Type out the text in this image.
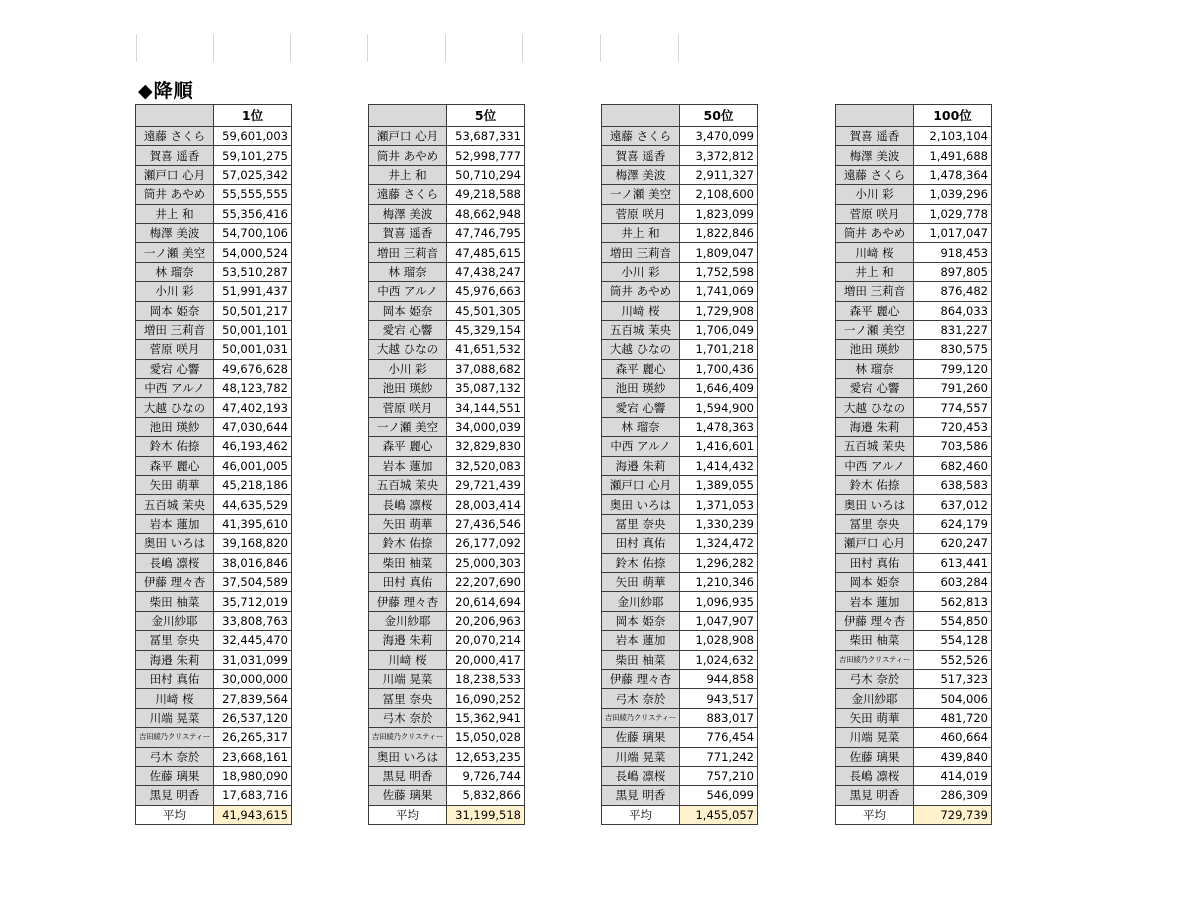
◆降順
	1位
遠藤 さくら	59,601,003
賀喜 遥香	59,101,275
瀬戸口 心月	57,025,342
筒井 あやめ	55,555,555
井上 和	55,356,416
梅澤 美波	54,700,106
一ノ瀬 美空	54,000,524
林 瑠奈	53,510,287
小川 彩	51,991,437
岡本 姫奈	50,501,217
増田 三莉音	50,001,101
菅原 咲月	50,001,031
愛宕 心響	49,676,628
中西 アルノ	48,123,782
大越 ひなの	47,402,193
池田 瑛紗	47,030,644
鈴木 佑捺	46,193,462
森平 麗心	46,001,005
矢田 萌華	45,218,186
五百城 茉央	44,635,529
岩本 蓮加	41,395,610
奥田 いろは	39,168,820
長嶋 凛桜	38,016,846
伊藤 理々杏	37,504,589
柴田 柚菜	35,712,019
金川紗耶	33,808,763
冨里 奈央	32,445,470
海邉 朱莉	31,031,099
田村 真佑	30,000,000
川﨑 桜	27,839,564
川端 晃菜	26,537,120
吉田綾乃クリスティー	26,265,317
弓木 奈於	23,668,161
佐藤 璃果	18,980,090
黒見 明香	17,683,716
平均	41,943,615
	5位
瀬戸口 心月	53,687,331
筒井 あやめ	52,998,777
井上 和	50,710,294
遠藤 さくら	49,218,588
梅澤 美波	48,662,948
賀喜 遥香	47,746,795
増田 三莉音	47,485,615
林 瑠奈	47,438,247
中西 アルノ	45,976,663
岡本 姫奈	45,501,305
愛宕 心響	45,329,154
大越 ひなの	41,651,532
小川 彩	37,088,682
池田 瑛紗	35,087,132
菅原 咲月	34,144,551
一ノ瀬 美空	34,000,039
森平 麗心	32,829,830
岩本 蓮加	32,520,083
五百城 茉央	29,721,439
長嶋 凛桜	28,003,414
矢田 萌華	27,436,546
鈴木 佑捺	26,177,092
柴田 柚菜	25,000,303
田村 真佑	22,207,690
伊藤 理々杏	20,614,694
金川紗耶	20,206,963
海邉 朱莉	20,070,214
川﨑 桜	20,000,417
川端 晃菜	18,238,533
冨里 奈央	16,090,252
弓木 奈於	15,362,941
吉田綾乃クリスティー	15,050,028
奥田 いろは	12,653,235
黒見 明香	9,726,744
佐藤 璃果	5,832,866
平均	31,199,518
	50位
遠藤 さくら	3,470,099
賀喜 遥香	3,372,812
梅澤 美波	2,911,327
一ノ瀬 美空	2,108,600
菅原 咲月	1,823,099
井上 和	1,822,846
増田 三莉音	1,809,047
小川 彩	1,752,598
筒井 あやめ	1,741,069
川﨑 桜	1,729,908
五百城 茉央	1,706,049
大越 ひなの	1,701,218
森平 麗心	1,700,436
池田 瑛紗	1,646,409
愛宕 心響	1,594,900
林 瑠奈	1,478,363
中西 アルノ	1,416,601
海邉 朱莉	1,414,432
瀬戸口 心月	1,389,055
奥田 いろは	1,371,053
冨里 奈央	1,330,239
田村 真佑	1,324,472
鈴木 佑捺	1,296,282
矢田 萌華	1,210,346
金川紗耶	1,096,935
岡本 姫奈	1,047,907
岩本 蓮加	1,028,908
柴田 柚菜	1,024,632
伊藤 理々杏	944,858
弓木 奈於	943,517
吉田綾乃クリスティー	883,017
佐藤 璃果	776,454
川端 晃菜	771,242
長嶋 凛桜	757,210
黒見 明香	546,099
平均	1,455,057
	100位
賀喜 遥香	2,103,104
梅澤 美波	1,491,688
遠藤 さくら	1,478,364
小川 彩	1,039,296
菅原 咲月	1,029,778
筒井 あやめ	1,017,047
川﨑 桜	918,453
井上 和	897,805
増田 三莉音	876,482
森平 麗心	864,033
一ノ瀬 美空	831,227
池田 瑛紗	830,575
林 瑠奈	799,120
愛宕 心響	791,260
大越 ひなの	774,557
海邉 朱莉	720,453
五百城 茉央	703,586
中西 アルノ	682,460
鈴木 佑捺	638,583
奥田 いろは	637,012
冨里 奈央	624,179
瀬戸口 心月	620,247
田村 真佑	613,441
岡本 姫奈	603,284
岩本 蓮加	562,813
伊藤 理々杏	554,850
柴田 柚菜	554,128
吉田綾乃クリスティー	552,526
弓木 奈於	517,323
金川紗耶	504,006
矢田 萌華	481,720
川端 晃菜	460,664
佐藤 璃果	439,840
長嶋 凛桜	414,019
黒見 明香	286,309
平均	729,739
